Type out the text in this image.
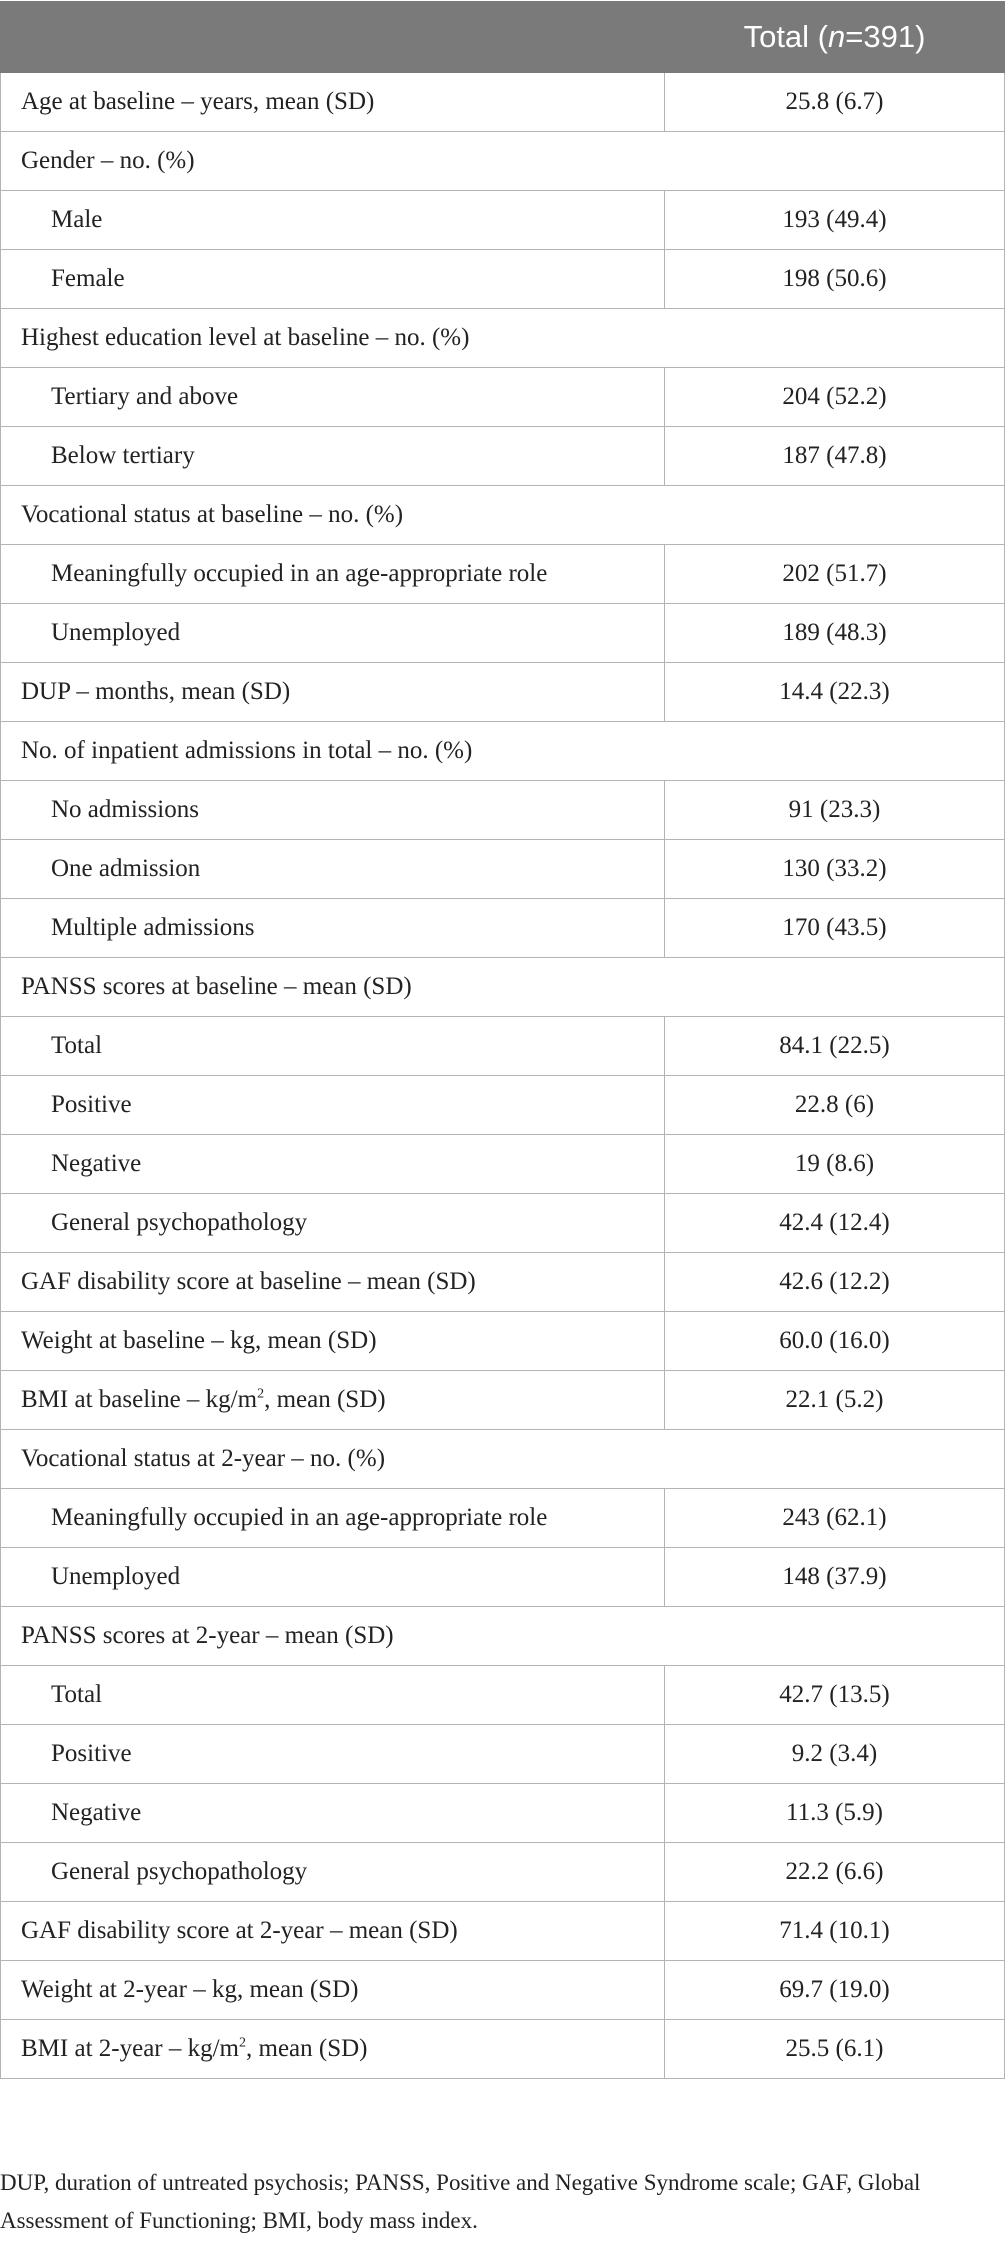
	Total (n=391)
Age at baseline – years, mean (SD)	25.8 (6.7)
Gender – no. (%)	
Male	193 (49.4)
Female	198 (50.6)
Highest education level at baseline – no. (%)	
Tertiary and above	204 (52.2)
Below tertiary	187 (47.8)
Vocational status at baseline – no. (%)	
Meaningfully occupied in an age-appropriate role	202 (51.7)
Unemployed	189 (48.3)
DUP – months, mean (SD)	14.4 (22.3)
No. of inpatient admissions in total – no. (%)	
No admissions	91 (23.3)
One admission	130 (33.2)
Multiple admissions	170 (43.5)
PANSS scores at baseline – mean (SD)	
Total	84.1 (22.5)
Positive	22.8 (6)
Negative	19 (8.6)
General psychopathology	42.4 (12.4)
GAF disability score at baseline – mean (SD)	42.6 (12.2)
Weight at baseline – kg, mean (SD)	60.0 (16.0)
BMI at baseline – $kg/m^2$, mean (SD)	22.1 (5.2)
Vocational status at 2-year – no. (%)	
Meaningfully occupied in an age-appropriate role	243 (62.1)
Unemployed	148 (37.9)
PANSS scores at 2-year – mean (SD)	
Total	42.7 (13.5)
Positive	9.2 (3.4)
Negative	11.3 (5.9)
General psychopathology	22.2 (6.6)
GAF disability score at 2-year – mean (SD)	71.4 (10.1)
Weight at 2-year – kg, mean (SD)	69.7 (19.0)
BMI at 2-year – $kg/m^2$, mean (SD)	25.5 (6.1)
DUP, duration of untreated psychosis; PANSS, Positive and Negative Syndrome scale; GAF, Global Assessment of Functioning; BMI, body mass index.
